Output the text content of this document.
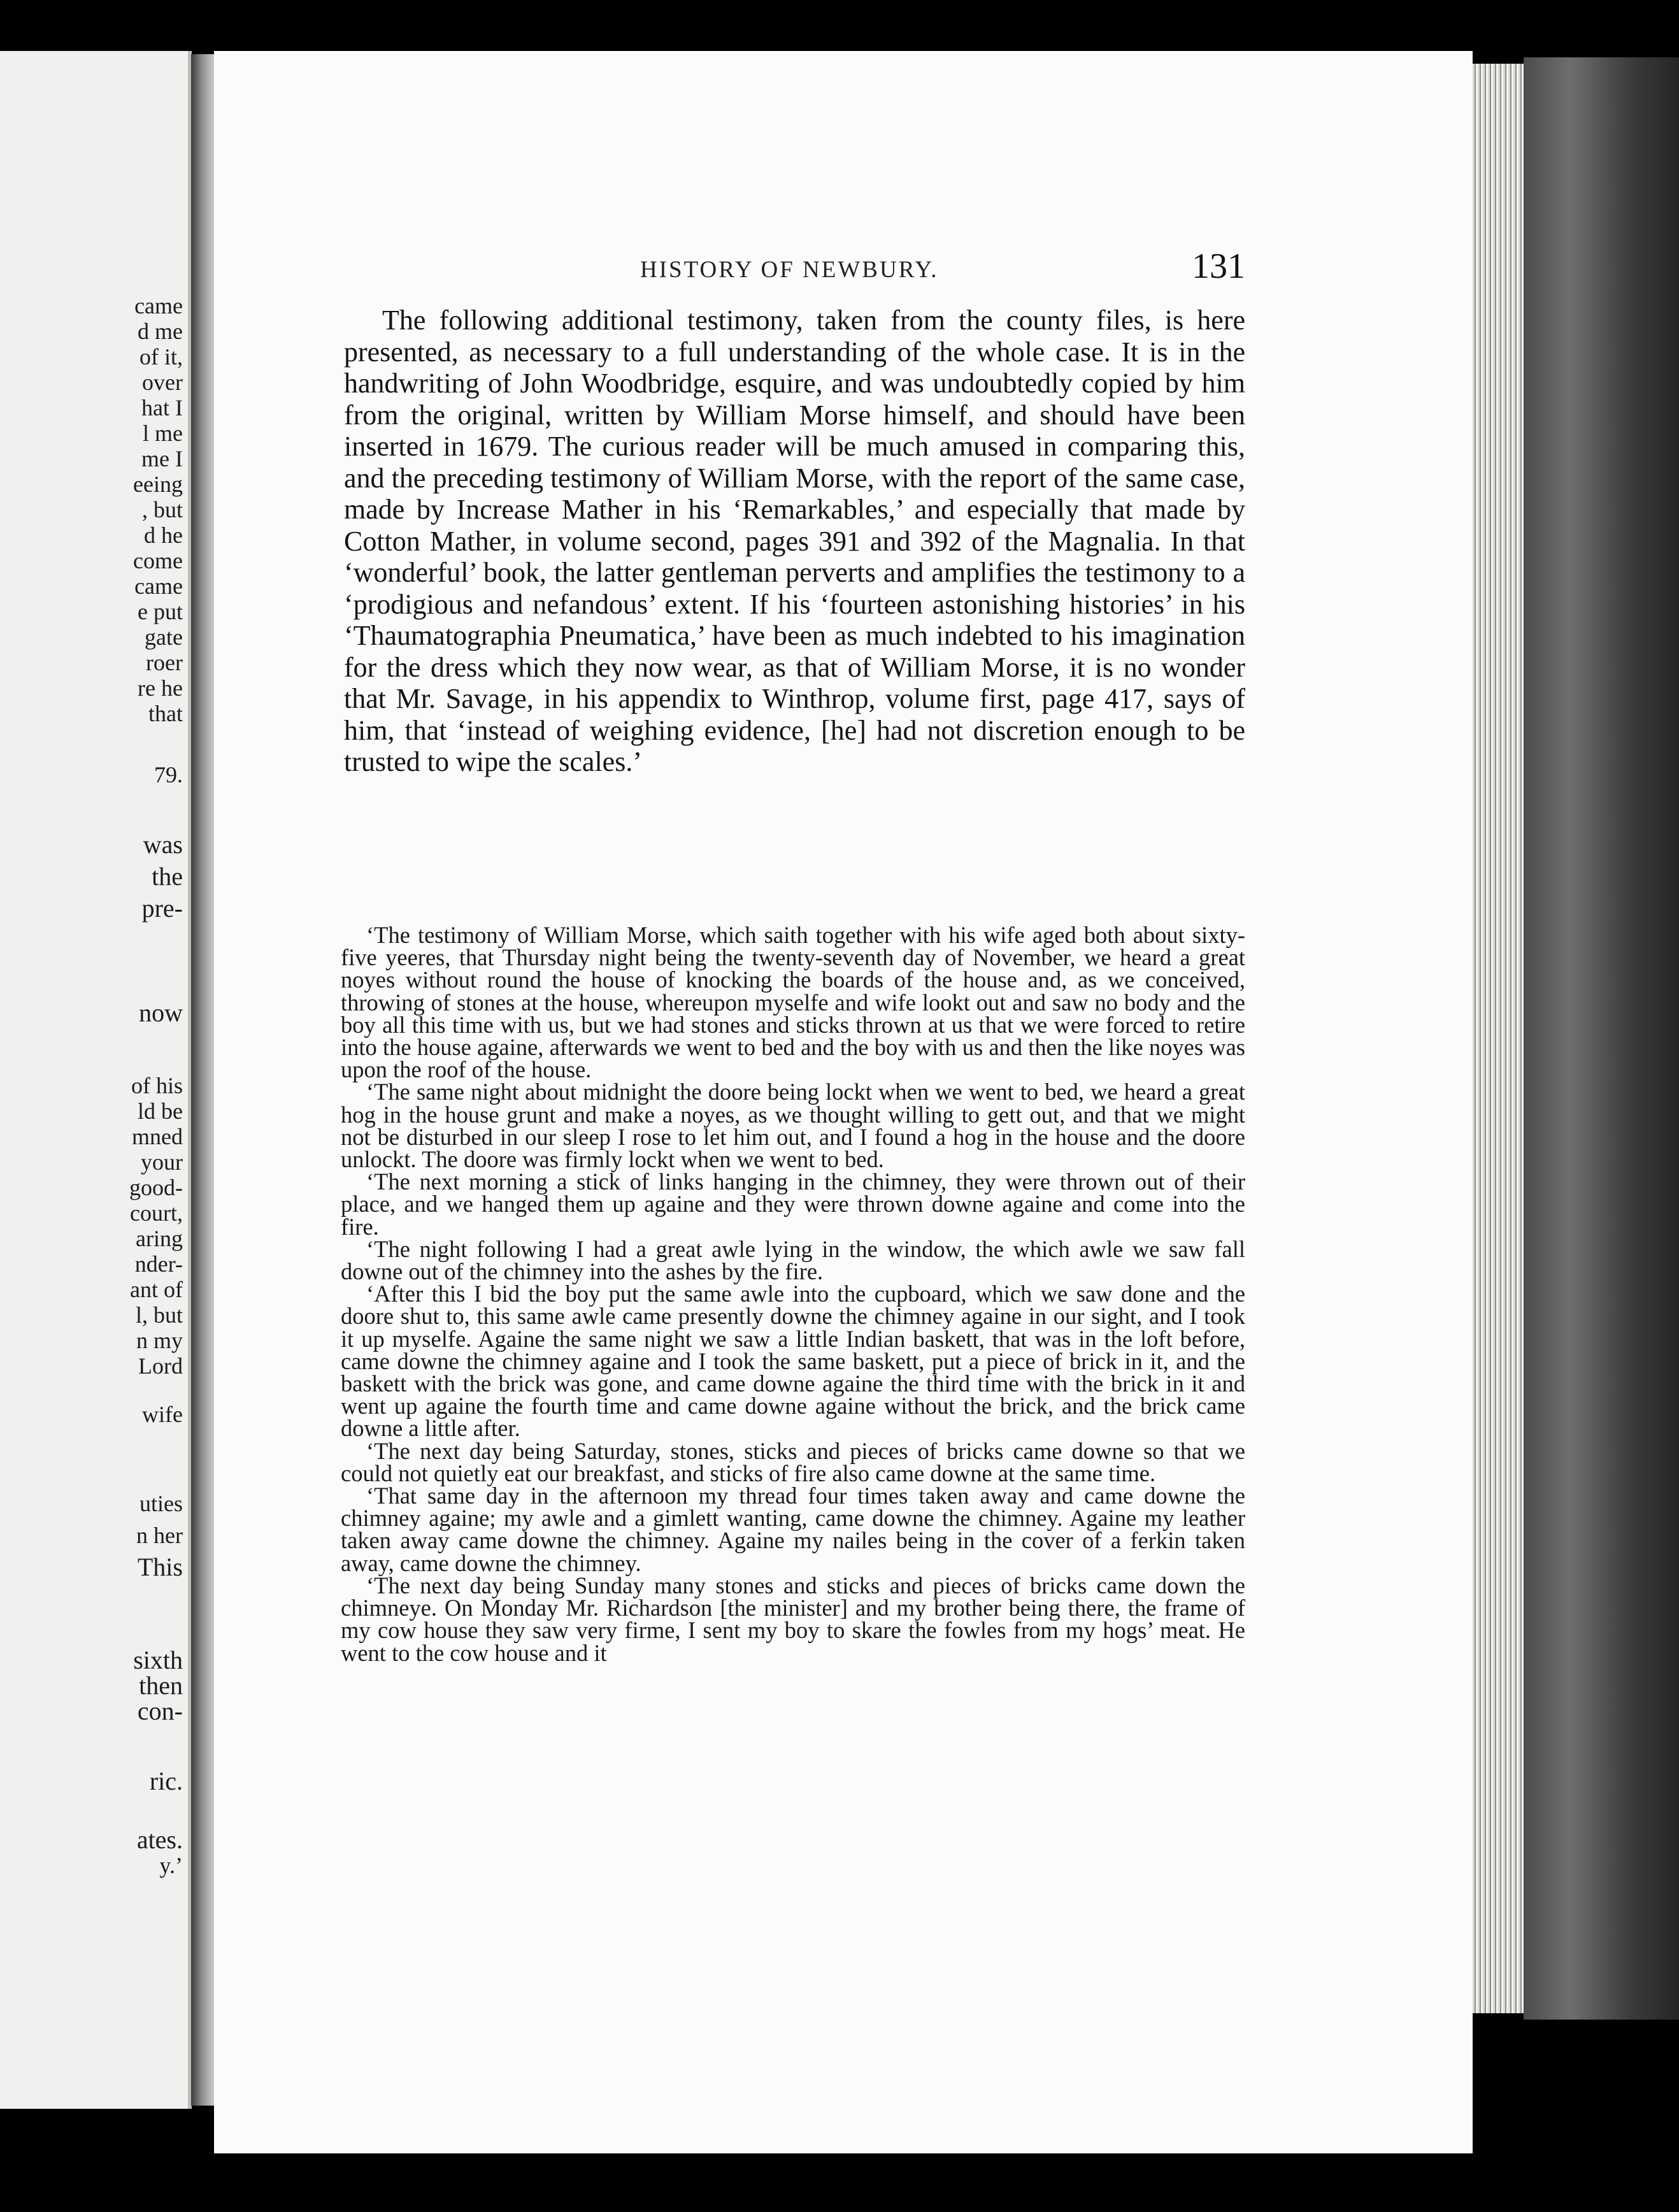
came
d me
of it,
over
hat I
l me
me I
eeing
, but
d he
come
came
e put
gate
roer
re he
that
79.
was
the
pre-
now
of his
ld be
mned
your
good-
court,
aring
nder-
ant of
l, but
n my
Lord
wife
uties
n her
This
sixth
then
con-
ric.
ates.
y.’
HISTORY OF NEWBURY.	131

The following additional testimony, taken from the county files, is here presented, as necessary to a full understanding of the whole case. It is in the handwriting of John Woodbridge, esquire, and was undoubtedly copied by him from the original, written by William Morse himself, and should have been inserted in 1679. The curious reader will be much amused in comparing this, and the preceding testimony of William Morse, with the report of the same case, made by Increase Mather in his ‘Remarkables,’ and especially that made by Cotton Mather, in volume second, pages 391 and 392 of the Magnalia. In that ‘wonderful’ book, the latter gentleman perverts and amplifies the testimony to a ‘prodigious and nefandous’ extent. If his ‘fourteen astonishing histories’ in his ‘Thaumatographia Pneumatica,’ have been as much indebted to his imagination for the dress which they now wear, as that of William Morse, it is no wonder that Mr. Savage, in his appendix to Winthrop, volume first, page 417, says of him, that ‘instead of weighing evidence, [he] had not discretion enough to be trusted to wipe the scales.’

‘The testimony of William Morse, which saith together with his wife aged both about sixty-five yeeres, that Thursday night being the twenty-seventh day of November, we heard a great noyes without round the house of knocking the boards of the house and, as we conceived, throwing of stones at the house, whereupon myselfe and wife lookt out and saw no body and the boy all this time with us, but we had stones and sticks thrown at us that we were forced to retire into the house againe, afterwards we went to bed and the boy with us and then the like noyes was upon the roof of the house.

‘The same night about midnight the doore being lockt when we went to bed, we heard a great hog in the house grunt and make a noyes, as we thought willing to gett out, and that we might not be disturbed in our sleep I rose to let him out, and I found a hog in the house and the doore unlockt. The doore was firmly lockt when we went to bed.

‘The next morning a stick of links hanging in the chimney, they were thrown out of their place, and we hanged them up againe and they were thrown downe againe and come into the fire.

‘The night following I had a great awle lying in the window, the which awle we saw fall downe out of the chimney into the ashes by the fire.

‘After this I bid the boy put the same awle into the cupboard, which we saw done and the doore shut to, this same awle came presently downe the chimney againe in our sight, and I took it up myselfe. Againe the same night we saw a little Indian baskett, that was in the loft before, came downe the chimney againe and I took the same baskett, put a piece of brick in it, and the baskett with the brick was gone, and came downe againe the third time with the brick in it and went up againe the fourth time and came downe againe without the brick, and the brick came downe a little after.

‘The next day being Saturday, stones, sticks and pieces of bricks came downe so that we could not quietly eat our breakfast, and sticks of fire also came downe at the same time.

‘That same day in the afternoon my thread four times taken away and came downe the chimney againe; my awle and a gimlett wanting, came downe the chimney. Againe my leather taken away came downe the chimney. Againe my nailes being in the cover of a ferkin taken away, came downe the chimney.

‘The next day being Sunday many stones and sticks and pieces of bricks came down the chimneye. On Monday Mr. Richardson [the minister] and my brother being there, the frame of my cow house they saw very firme, I sent my boy to skare the fowles from my hogs’ meat. He went to the cow house and it
